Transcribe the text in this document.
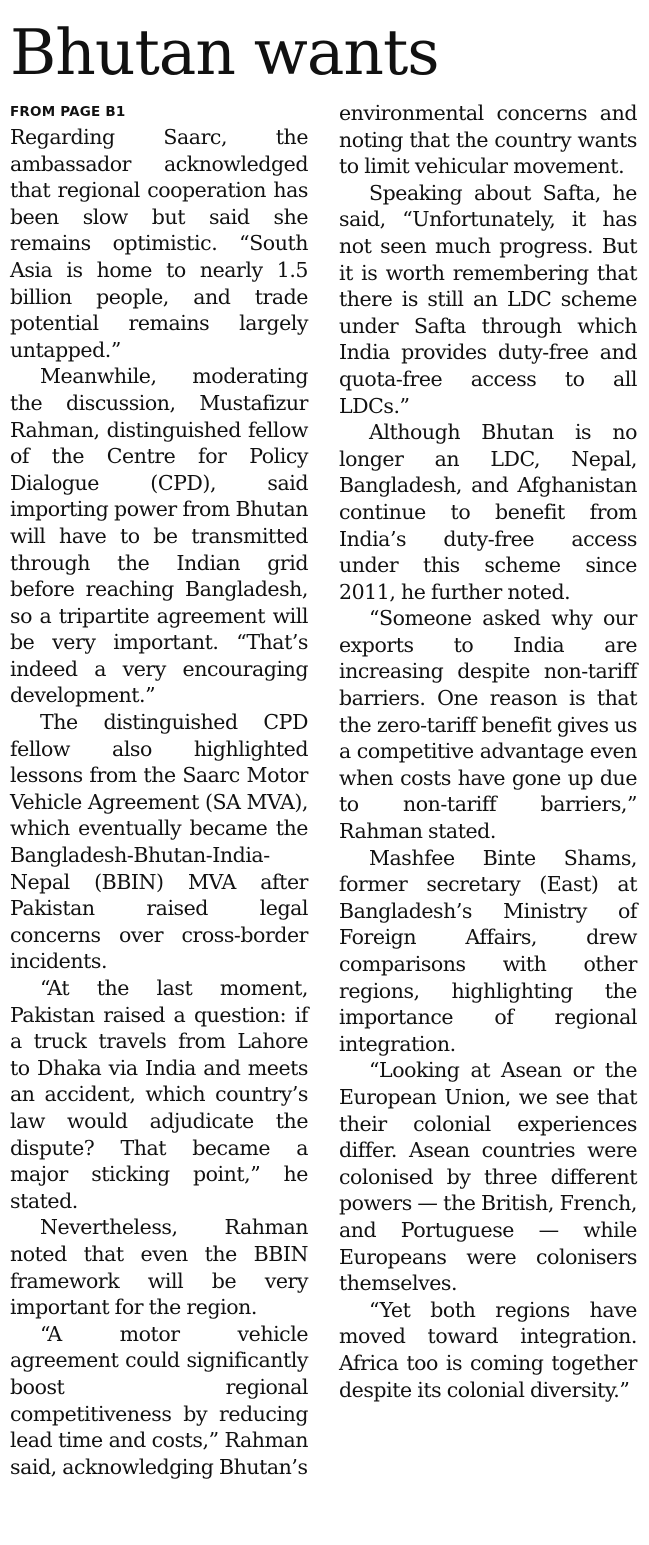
Bhutan wants
FROM PAGE B1

Regarding Saarc, the ambassador acknowledged that regional cooperation has been slow but said she remains optimistic. “South Asia is home to nearly 1.5 billion people, and trade potential remains largely untapped.”

Meanwhile, moderating the discussion, Mustafizur Rahman, distinguished fellow of the Centre for Policy Dialogue (CPD), said importing power from Bhutan will have to be transmitted through the Indian grid before reaching Bangladesh, so a tripartite agreement will be very important. “That’s indeed a very encouraging development.”

The distinguished CPD fellow also highlighted lessons from the Saarc Motor Vehicle Agreement (SA MVA), which eventually became the Bangladesh-Bhutan-India-Nepal (BBIN) MVA after Pakistan raised legal concerns over cross-border incidents.

“At the last moment, Pakistan raised a question: if a truck travels from Lahore to Dhaka via India and meets an accident, which country’s law would adjudicate the dispute? That became a major sticking point,” he stated.

Nevertheless, Rahman noted that even the BBIN framework will be very important for the region.

“A motor vehicle agreement could significantly boost regional competitiveness by reducing lead time and costs,” Rahman said, acknowledging Bhutan’s

environmental concerns and noting that the country wants to limit vehicular movement.

Speaking about Safta, he said, “Unfortunately, it has not seen much progress. But it is worth remembering that there is still an LDC scheme under Safta through which India provides duty-free and quota-free access to all LDCs.”

Although Bhutan is no longer an LDC, Nepal, Bangladesh, and Afghanistan continue to benefit from India’s duty-free access under this scheme since 2011, he further noted.

“Someone asked why our exports to India are increasing despite non-tariff barriers. One reason is that the zero-tariff benefit gives us a competitive advantage even when costs have gone up due to non-tariff barriers,” Rahman stated.

Mashfee Binte Shams, former secretary (East) at Bangladesh’s Ministry of Foreign Affairs, drew comparisons with other regions, highlighting the importance of regional integration.

“Looking at Asean or the European Union, we see that their colonial experiences differ. Asean countries were colonised by three different powers — the British, French, and Portuguese — while Europeans were colonisers themselves.

“Yet both regions have moved toward integration. Africa too is coming together despite its colonial diversity.”
